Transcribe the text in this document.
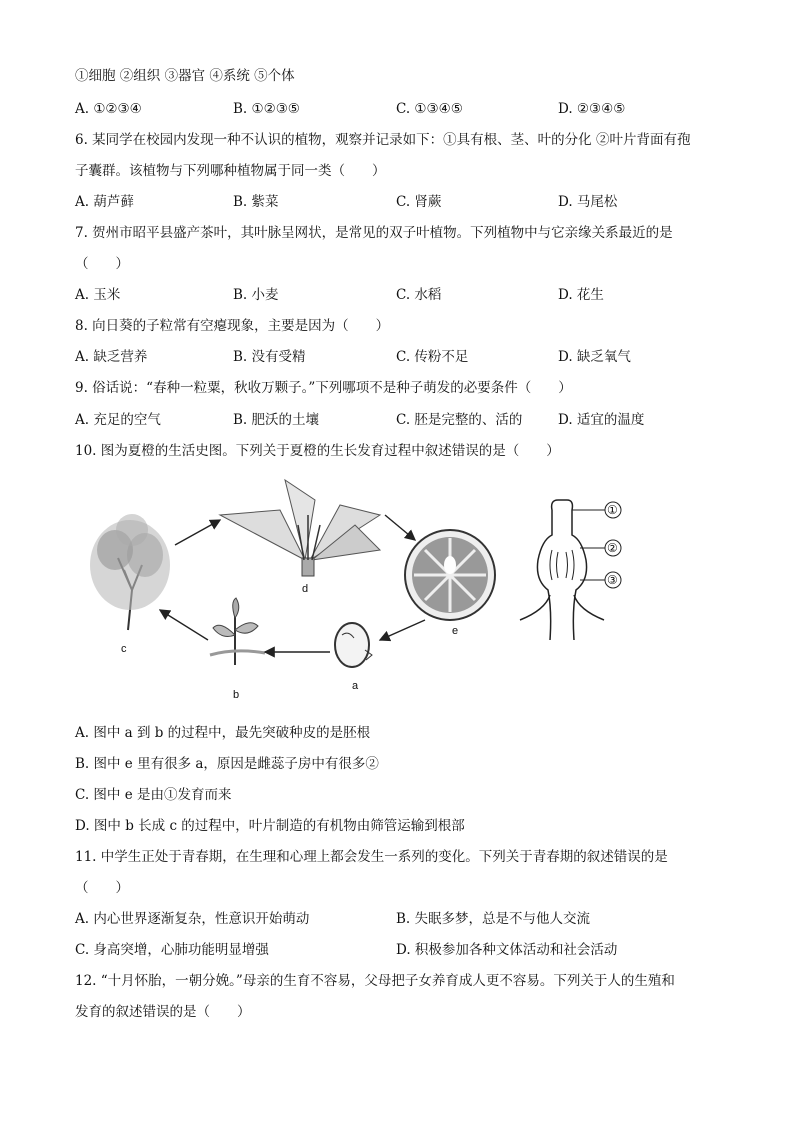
①细胞 ②组织 ③器官 ④系统 ⑤个体
A. ①②③④	B. ①②③⑤	C. ①③④⑤	D. ②③④⑤
6. 某同学在校园内发现一种不认识的植物，观察并记录如下：①具有根、茎、叶的分化 ②叶片背面有孢
子囊群。该植物与下列哪种植物属于同一类（　　）
A. 葫芦藓	B. 紫菜	C. 肾蕨	D. 马尾松
7. 贺州市昭平县盛产茶叶，其叶脉呈网状，是常见的双子叶植物。下列植物中与它亲缘关系最近的是
（　　）
A. 玉米	B. 小麦	C. 水稻	D. 花生
8. 向日葵的子粒常有空瘪现象，主要是因为（　　）
A. 缺乏营养	B. 没有受精	C. 传粉不足	D. 缺乏氧气
9. 俗话说：“春种一粒粟，秋收万颗子。”下列哪项不是种子萌发的必要条件（　　）
A. 充足的空气	B. 肥沃的土壤	C. 胚是完整的、活的	D. 适宜的温度
10. 图为夏橙的生活史图。下列关于夏橙的生长发育过程中叙述错误的是（　　）
c
d
e
a
b
①
②
③
A. 图中 a 到 b 的过程中，最先突破种皮的是胚根
B. 图中 e 里有很多 a，原因是雌蕊子房中有很多②
C. 图中 e 是由①发育而来
D. 图中 b 长成 c 的过程中，叶片制造的有机物由筛管运输到根部
11. 中学生正处于青春期，在生理和心理上都会发生一系列的变化。下列关于青春期的叙述错误的是
（　　）
A. 内心世界逐渐复杂，性意识开始萌动	B. 失眠多梦，总是不与他人交流
C. 身高突增，心肺功能明显增强	D. 积极参加各种文体活动和社会活动
12. “十月怀胎，一朝分娩。”母亲的生育不容易，父母把子女养育成人更不容易。下列关于人的生殖和
发育的叙述错误的是（　　）
